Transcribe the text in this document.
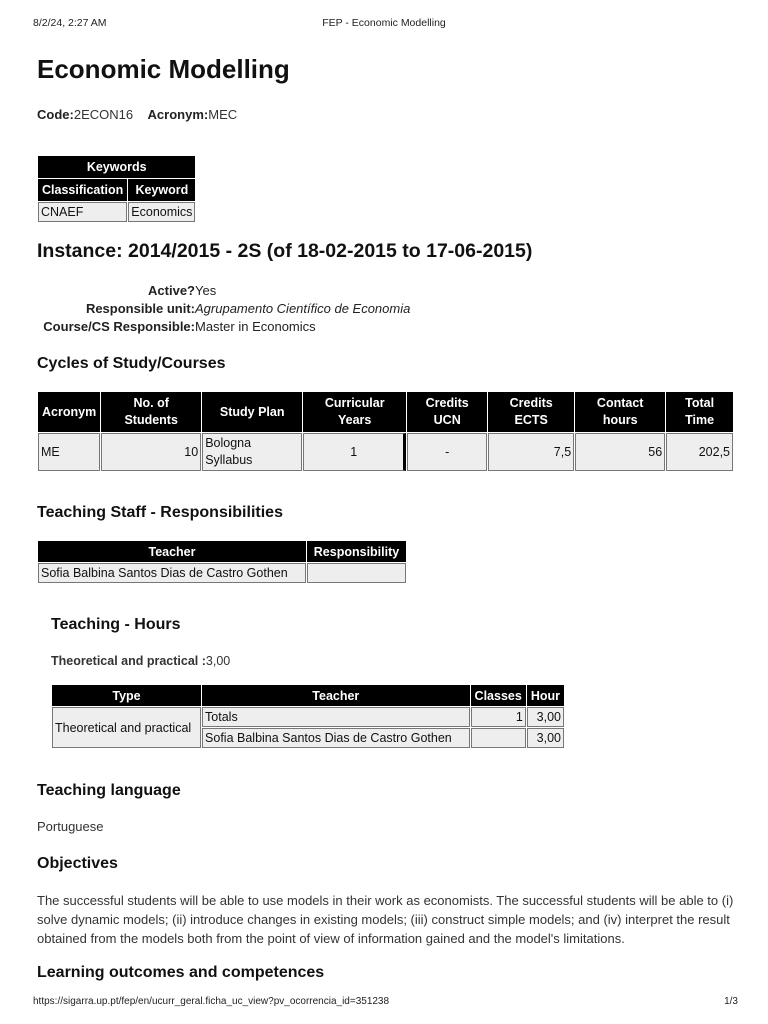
8/2/24, 2:27 AM	FEP - Economic Modelling
Economic Modelling
Code:2ECON16 Acronym:MEC
Keywords	
Classification	Keyword
CNAEF	Economics
Instance: 2014/2015 - 2S (of 18-02-2015 to 17-06-2015)
Active? Yes
Responsible unit: Agrupamento Científico de Economia
Course/CS Responsible: Master in Economics
Cycles of Study/Courses
Acronym	No. of Students	Study Plan	Curricular Years	Credits UCN	Credits ECTS	Contact hours	Total Time
ME	10	Bologna Syllabus	1	-	7,5	56	202,5
Teaching Staff - Responsibilities
Teacher	Responsibility
Sofia Balbina Santos Dias de Castro Gothen	
Teaching - Hours
Theoretical and practical :3,00
Type	Teacher	Classes	Hour
Theoretical and practical	Totals	1	3,00
	Sofia Balbina Santos Dias de Castro Gothen		3,00
Teaching language
Portuguese
Objectives
The successful students will be able to use models in their work as economists. The successful students will be able to (i) solve dynamic models; (ii) introduce changes in existing models; (iii) construct simple models; and (iv) interpret the result obtained from the models both from the point of view of information gained and the model's limitations.
Learning outcomes and competences
https://sigarra.up.pt/fep/en/ucurr_geral.ficha_uc_view?pv_ocorrencia_id=351238	1/3
